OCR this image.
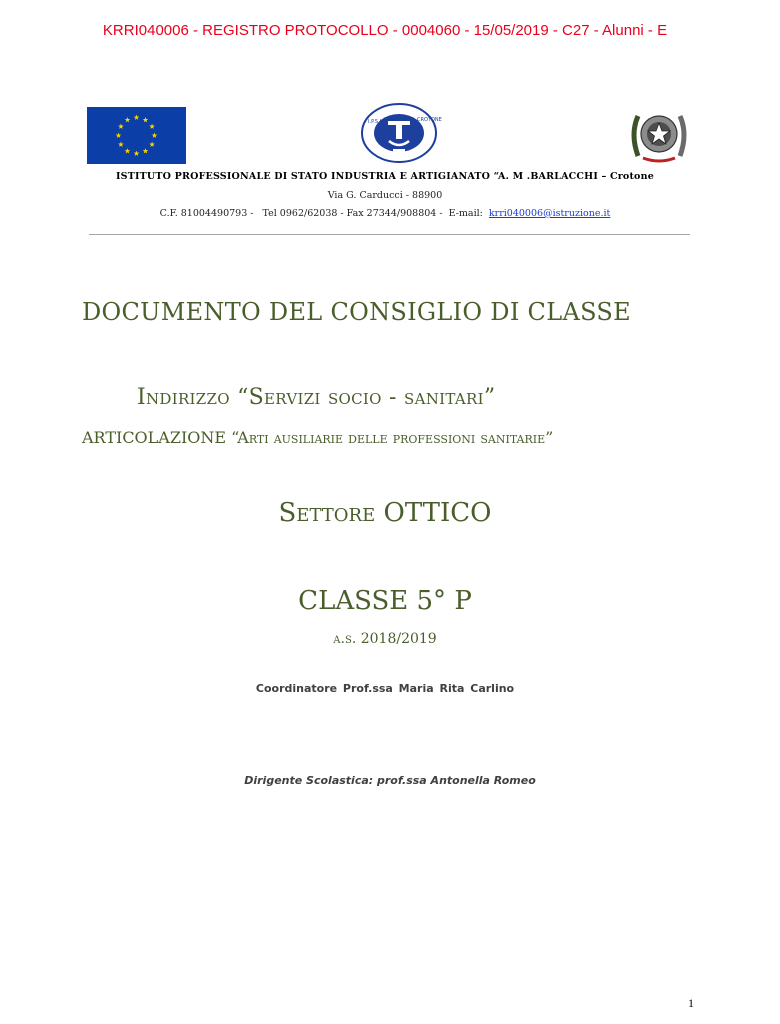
KRRI040006 - REGISTRO PROTOCOLLO - 0004060 - 15/05/2019 - C27 - Alunni - E
I.P.S.I.A.	CROTONE
ISTITUTO PROFESSIONALE DI STATO INDUSTRIA E ARTIGIANATO “A. M .BARLACCHI – Crotone
Via G. Carducci - 88900
C.F. 81004490793 -   Tel 0962/62038 - Fax 27344/908804 -  E-mail:  krri040006@istruzione.it
DOCUMENTO DEL CONSIGLIO DI CLASSE
Indirizzo “Servizi socio - sanitari”
ARTICOLAZIONE “Arti ausiliarie delle professioni sanitarie”
Settore OTTICO
CLASSE 5° P
a.s. 2018/2019
Coordinatore Prof.ssa Maria Rita Carlino
Dirigente Scolastica: prof.ssa Antonella Romeo
1
